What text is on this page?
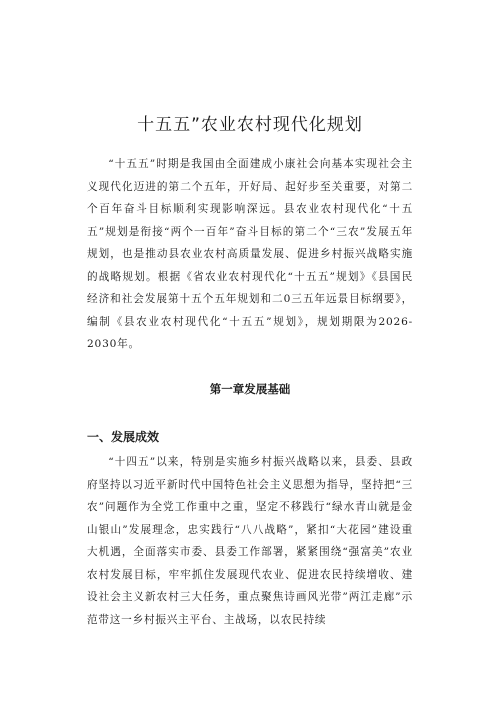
十五五”农业农村现代化规划

“十五五”时期是我国由全面建成小康社会向基本实现社会主义现代化迈进的第二个五年，开好局、起好步至关重要，对第二个百年奋斗目标顺利实现影响深远。县农业农村现代化“十五五”规划是衔接“两个一百年”奋斗目标的第二个“三农”发展五年规划，也是推动县农业农村高质量发展、促进乡村振兴战略实施的战略规划。根据《省农业农村现代化“十五五”规划》《县国民经济和社会发展第十五个五年规划和二0三五年远景目标纲要》，编制《县农业农村现代化“十五五”规划》，规划期限为2026-2030年。

第一章发展基础
一、发展成效

“十四五”以来，特别是实施乡村振兴战略以来，县委、县政府坚持以习近平新时代中国特色社会主义思想为指导，坚持把“三农”问题作为全党工作重中之重，坚定不移践行“绿水青山就是金山银山”发展理念，忠实践行“八八战略”，紧扣“大花园”建设重大机遇，全面落实市委、县委工作部署，紧紧围绕“强富美”农业农村发展目标，牢牢抓住发展现代农业、促进农民持续增收、建设社会主义新农村三大任务，重点聚焦诗画风光带”两江走廊”示范带这一乡村振兴主平台、主战场，以农民持续
